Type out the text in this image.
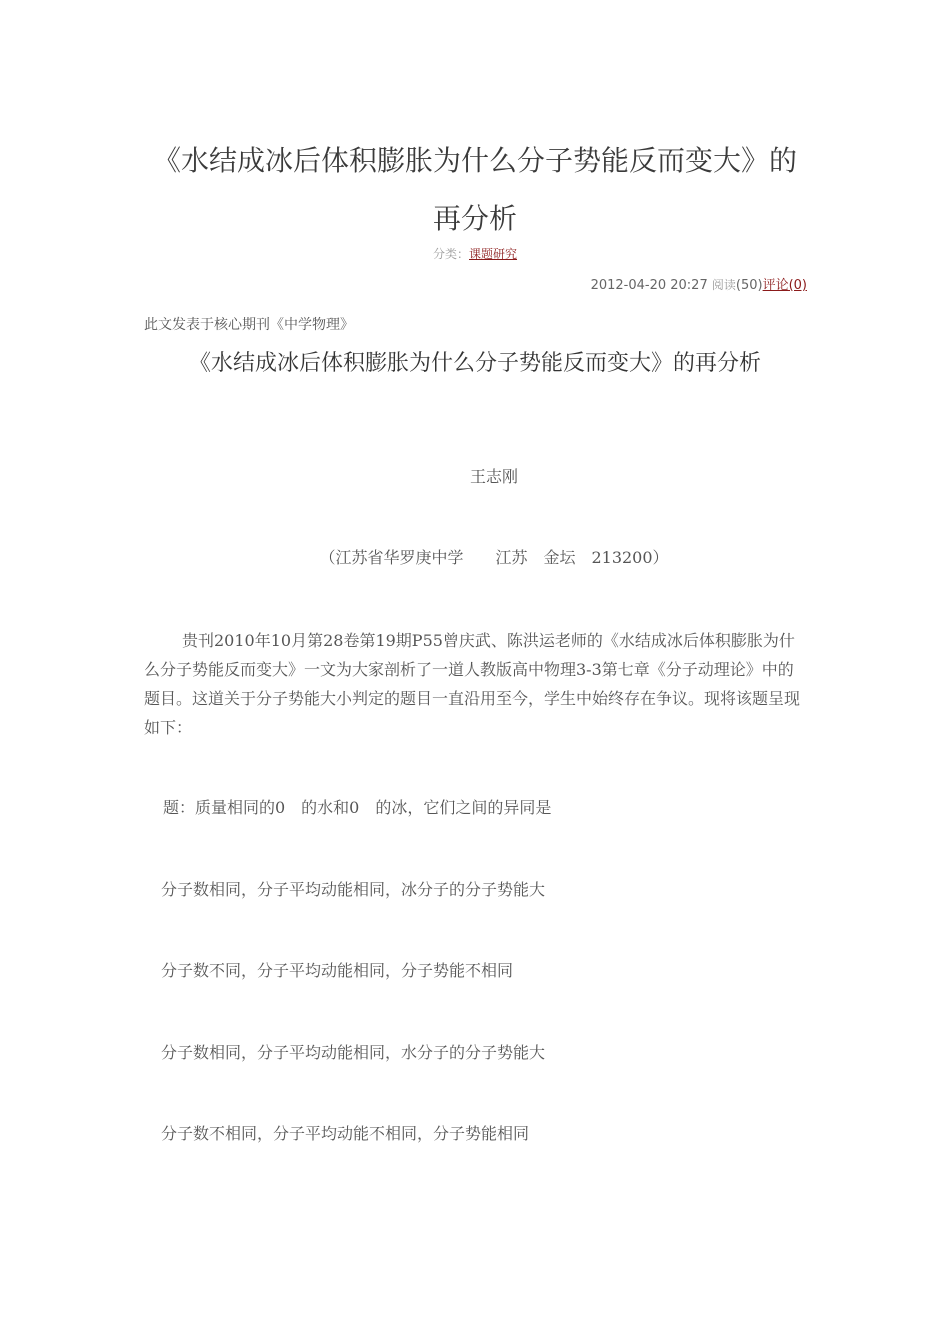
《水结成冰后体积膨胀为什么分子势能反而变大》的再分析
分类：课题研究
2012-04-20 20:27 阅读(50)评论(0)
此文发表于核心期刊《中学物理》
《水结成冰后体积膨胀为什么分子势能反而变大》的再分析
王志刚
（江苏省华罗庚中学　　江苏　金坛　213200）

贵刊2010年10月第28卷第19期P55曾庆武、陈洪运老师的《水结成冰后体积膨胀为什么分子势能反而变大》一文为大家剖析了一道人教版高中物理3-3第七章《分子动理论》中的题目。这道关于分子势能大小判定的题目一直沿用至今，学生中始终存在争议。现将该题呈现如下：

题：质量相同的0　的水和0　的冰，它们之间的异同是
分子数相同，分子平均动能相同，冰分子的分子势能大
分子数不同，分子平均动能相同，分子势能不相同
分子数相同，分子平均动能相同，水分子的分子势能大
分子数不相同，分子平均动能不相同，分子势能相同
